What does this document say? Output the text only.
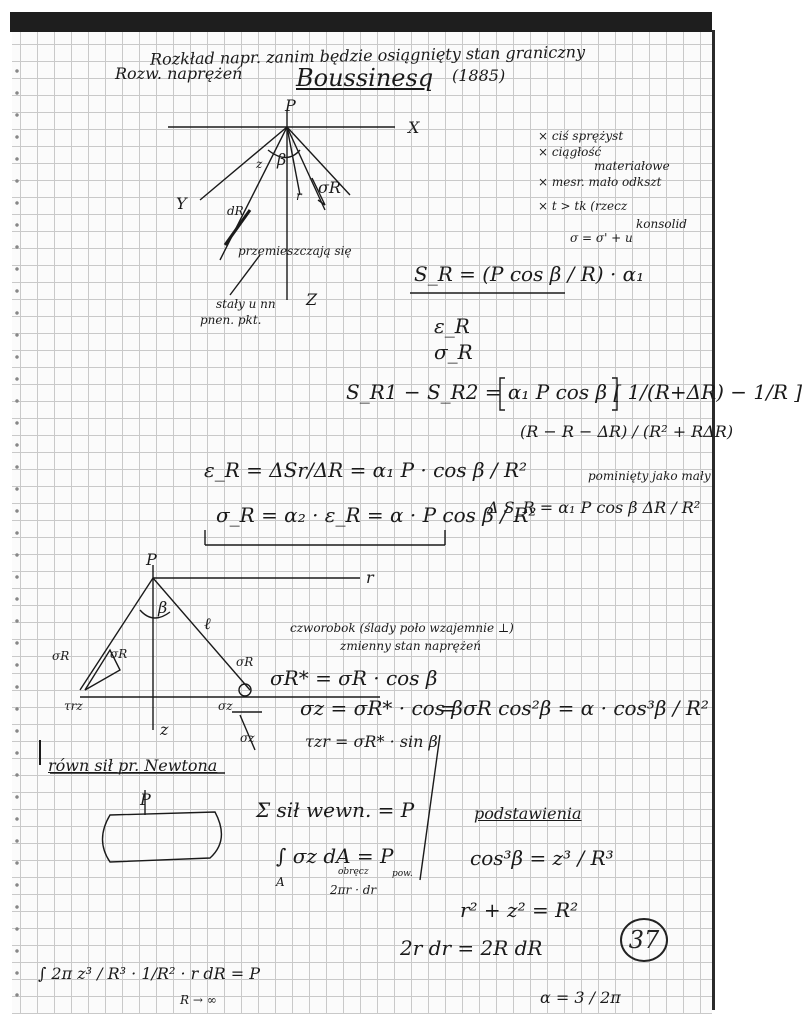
Rozkład napr. zanim będzie osiągnięty stan graniczny
Rozw. naprężeń Boussinesq (1885)
P
X
Y
Z
β
z
r σR
dR
przemieszczają się
stały u nn
pnen. pkt.
× ciś sprężyst
× ciągłość
materiałowe
× mesr. mało odkszt
× t > tk (rzecz
konsolid
σ = σ' + u
S_R = (P cos β / R) · α₁
ε_R
σ_R
S_R1 − S_R2 = α₁ P cos β [ 1/(R+ΔR) − 1/R ]
(R − R − ΔR) / (R² + RΔR)
pominięty jako mały
ε_R = ΔSr/ΔR = α₁ P · cos β / R²
Δ S_R = α₁ P cos β ΔR / R²
σ_R = α₂ · ε_R = α · P cos β / R²
P
r
z
β
ℓ
σR	σR
σR
τrz	σz
σz
czworobok (ślady poło wzajemnie ⊥)
zmienny stan naprężeń
σR* = σR · cos β
σz = σR* · cos β
τzr = σR* · sin β
= σR cos²β = α · cos³β / R²
równ sił pr. Newtona
P	Σ sił wewn. = P
∫ σz dA = P
A
2πr · dr
obręcz	pow.
podstawienia
cos³β = z³ / R³
r² + z² = R²
2r dr = 2R dR
∫ 2π z³ / R³ · 1/R² · r dR = P
R → ∞	α = 3 / 2π
37
